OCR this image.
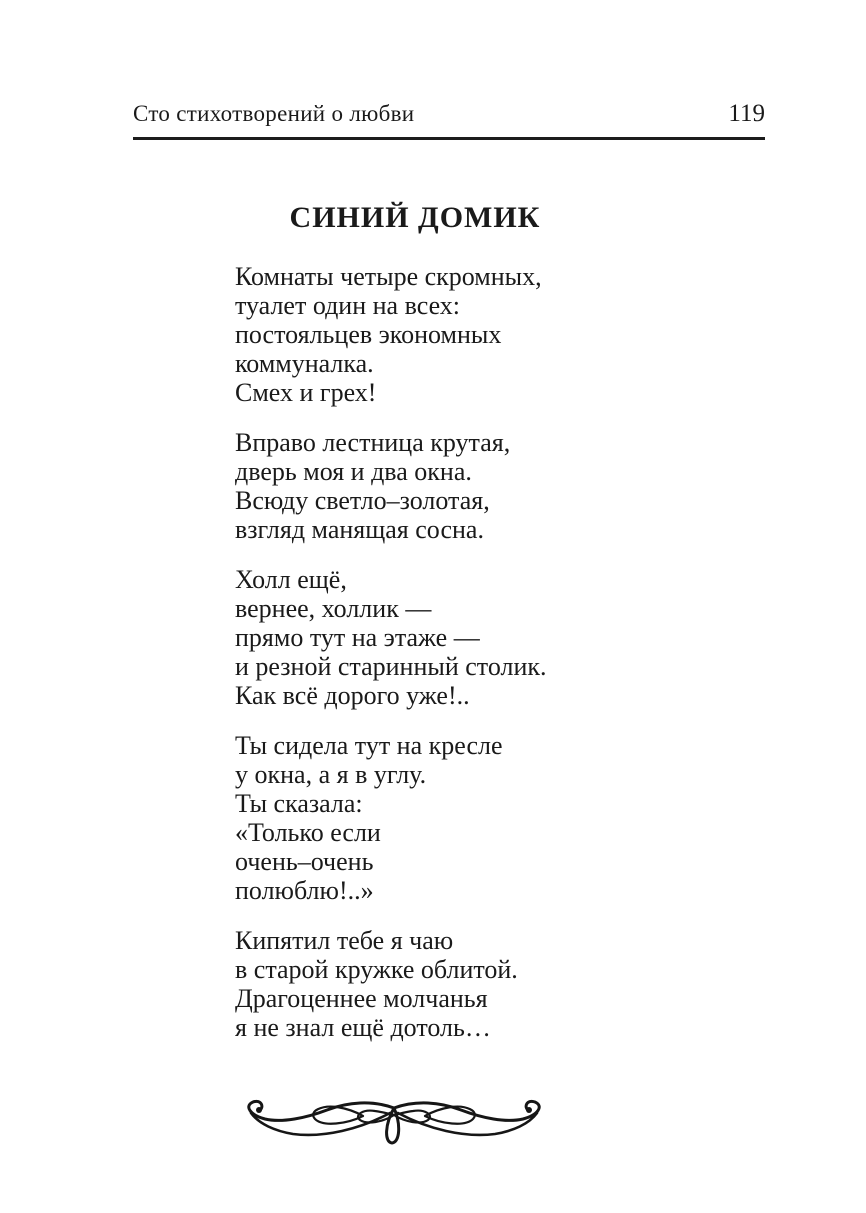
Сто стихотворений о любви	119
СИНИЙ ДОМИК

Комнаты четыре скромных,

туалет один на всех:

постояльцев экономных

коммуналка.

Смех и грех!

Вправо лестница крутая,

дверь моя и два окна.

Всюду светло–золотая,

взгляд манящая сосна.

Холл ещё,

вернее, холлик —

прямо тут на этаже —

и резной старинный столик.

Как всё дорого уже!..

Ты сидела тут на кресле

у окна, а я в углу.

Ты сказала:

«Только если

очень–очень

полюблю!..»

Кипятил тебе я чаю

в старой кружке облитой.

Драгоценнее молчанья

я не знал ещё дотоль…
